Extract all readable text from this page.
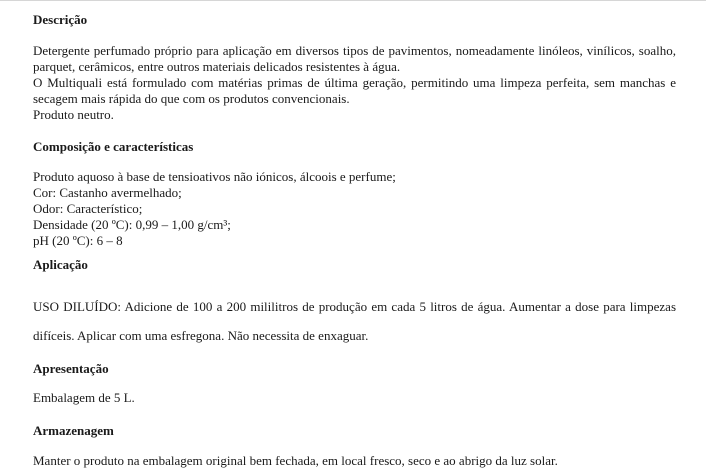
Descrição

Detergente perfumado próprio para aplicação em diversos tipos de pavimentos, nomeadamente linóleos, vinílicos, soalho, parquet, cerâmicos, entre outros materiais delicados resistentes à água.

O Multiquali está formulado com matérias primas de última geração, permitindo uma limpeza perfeita, sem manchas e secagem mais rápida do que com os produtos convencionais.

Produto neutro.

Composição e características

Produto aquoso à base de tensioativos não iónicos, álcoois e perfume;
Cor: Castanho avermelhado;
Odor: Característico;
Densidade (20 ºC): 0,99 – 1,00 g/cm³;
pH (20 ºC): 6 – 8

Aplicação

USO DILUÍDO: Adicione de 100 a 200 mililitros de produção em cada 5 litros de água. Aumentar a dose para limpezas difíceis. Aplicar com uma esfregona. Não necessita de enxaguar.

Apresentação

Embalagem de 5 L.

Armazenagem

Manter o produto na embalagem original bem fechada, em local fresco, seco e ao abrigo da luz solar.
